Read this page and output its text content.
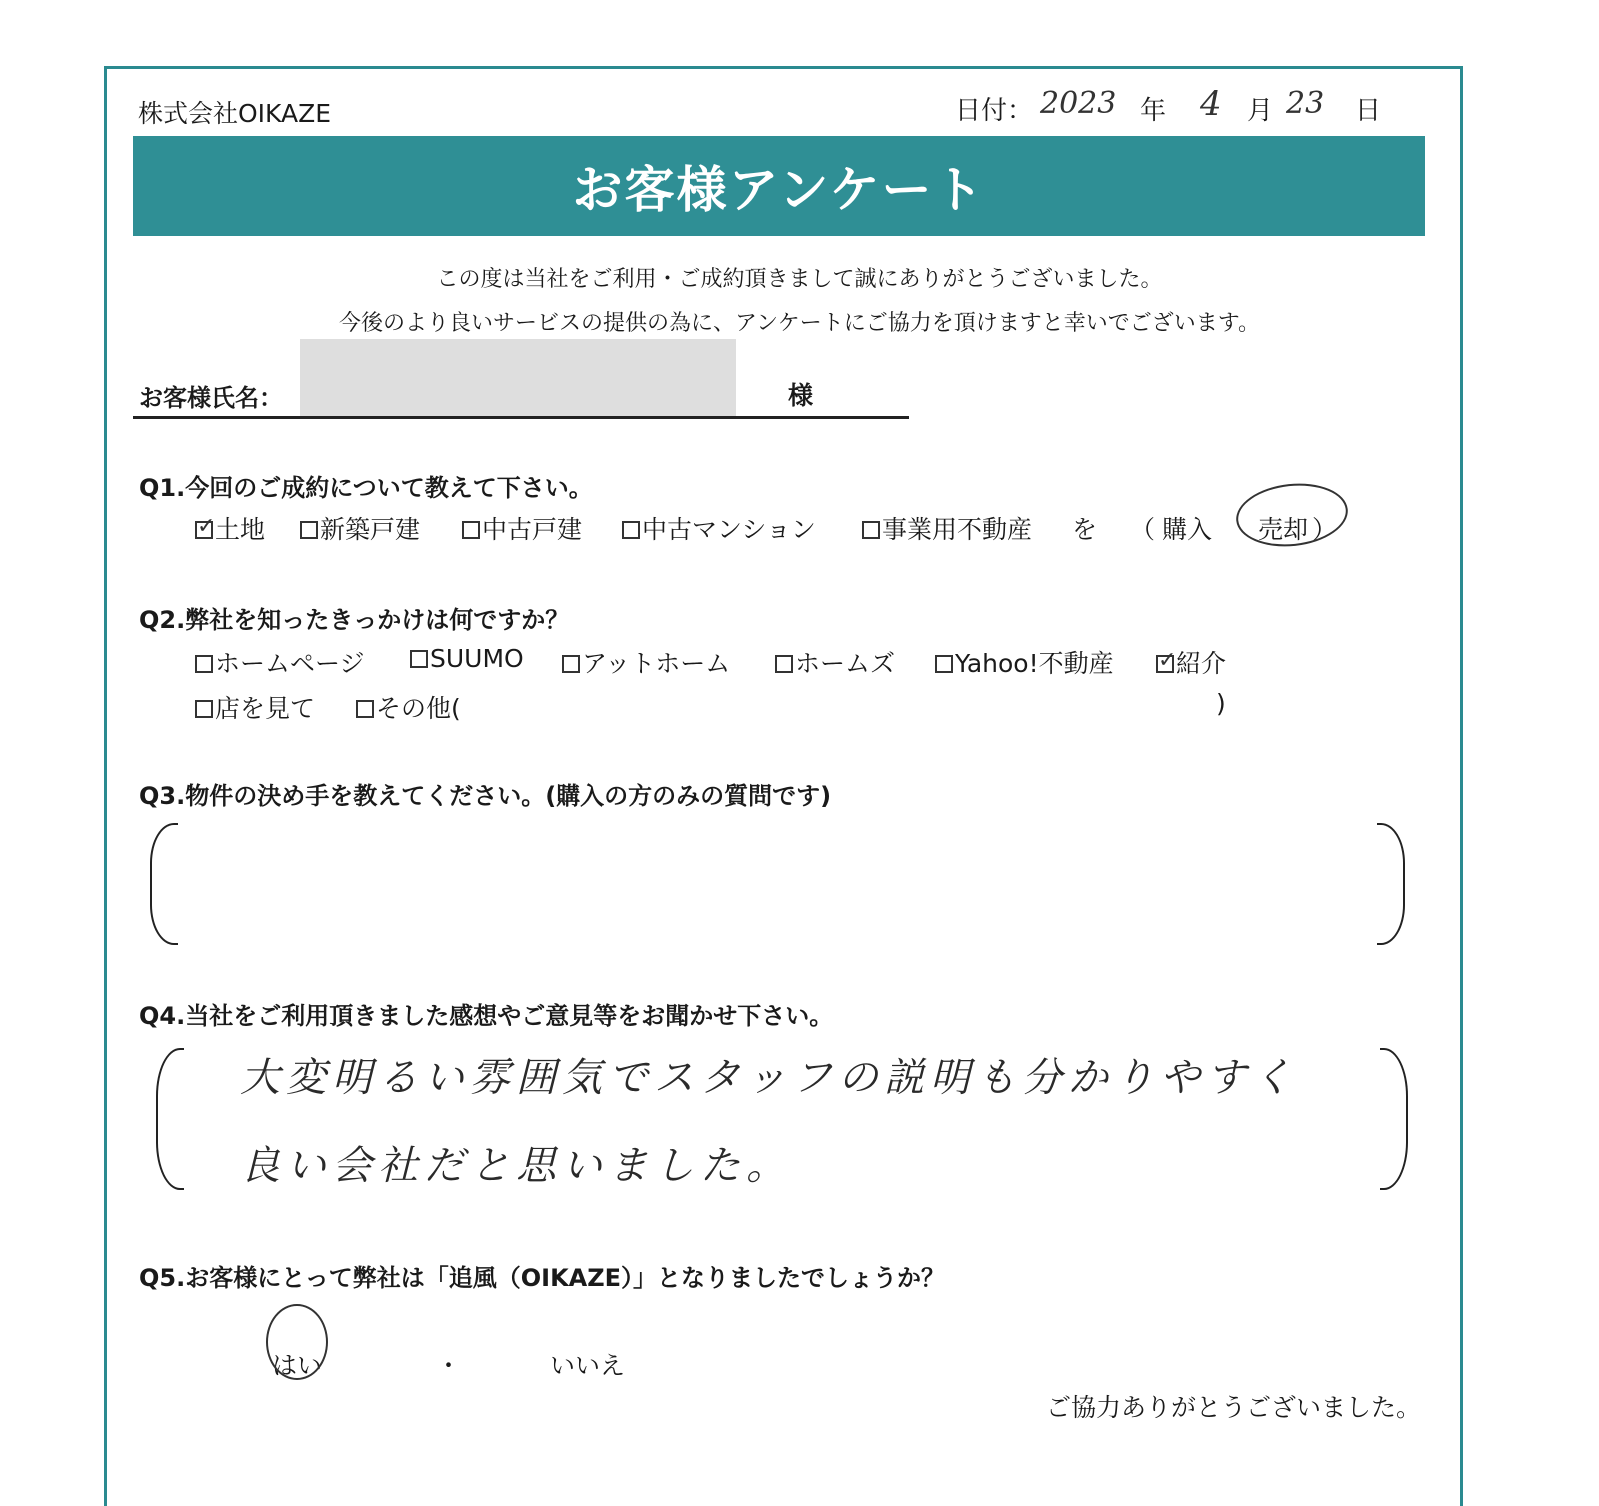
株式会社OIKAZE	日付： 2023 年 4 月 23 日
お客様アンケート
この度は当社をご利用・ご成約頂きまして誠にありがとうございました。
今後のより良いサービスの提供の為に、アンケートにご協力を頂けますと幸いでございます。
お客様氏名：	様
Q1.今回のご成約について教えて下さい。
✓土地	新築戸建	中古戸建	中古マンション	事業用不動産 を （ 購入 売却 ）
Q2.弊社を知ったきっかけは何ですか？
ホームページ	SUUMO	アットホーム	ホームズ	Yahoo!不動産
✓	紹介
店を見て	その他(	)
Q3.物件の決め手を教えてください。(購入の方のみの質問です)
Q4.当社をご利用頂きました感想やご意見等をお聞かせ下さい。
大変明るい雰囲気でスタッフの説明も分かりやすく
良い会社だと思いました。
Q5.お客様にとって弊社は「追風（OIKAZE）」となりましたでしょうか？
はい	・	いいえ
ご協力ありがとうございました。
